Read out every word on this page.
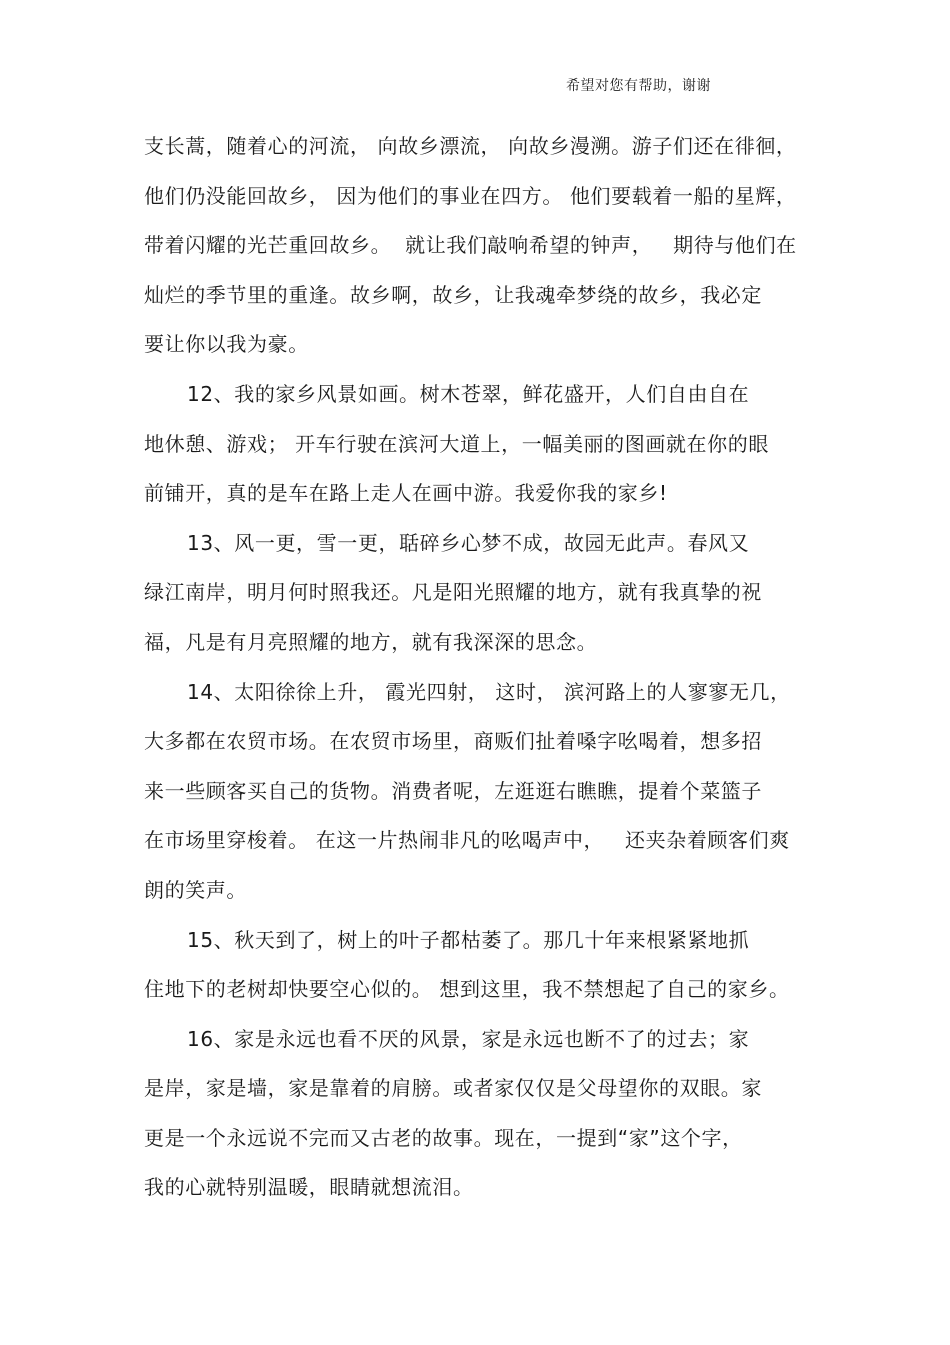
希望对您有帮助，谢谢
支长蒿，随着心的河流， 向故乡漂流， 向故乡漫溯。游子们还在徘徊，
他们仍没能回故乡， 因为他们的事业在四方。 他们要载着一船的星辉，
带着闪耀的光芒重回故乡。  就让我们敲响希望的钟声，   期待与他们在
灿烂的季节里的重逢。故乡啊，故乡，让我魂牵梦绕的故乡，我必定
要让你以我为豪。
12、我的家乡风景如画。树木苍翠，鲜花盛开，人们自由自在
地休憩、游戏； 开车行驶在滨河大道上，一幅美丽的图画就在你的眼
前铺开，真的是车在路上走人在画中游。我爱你我的家乡!
13、风一更，雪一更，聒碎乡心梦不成，故园无此声。春风又
绿江南岸，明月何时照我还。凡是阳光照耀的地方，就有我真挚的祝
福，凡是有月亮照耀的地方，就有我深深的思念。
14、太阳徐徐上升， 霞光四射， 这时， 滨河路上的人寥寥无几，
大多都在农贸市场。在农贸市场里，商贩们扯着嗓字吆喝着，想多招
来一些顾客买自己的货物。消费者呢，左逛逛右瞧瞧，提着个菜篮子
在市场里穿梭着。 在这一片热闹非凡的吆喝声中，   还夹杂着顾客们爽
朗的笑声。
15、秋天到了，树上的叶子都枯萎了。那几十年来根紧紧地抓
住地下的老树却快要空心似的。 想到这里，我不禁想起了自己的家乡。
16、家是永远也看不厌的风景，家是永远也断不了的过去；家
是岸，家是墙，家是靠着的肩膀。或者家仅仅是父母望你的双眼。家
更是一个永远说不完而又古老的故事。现在，一提到“家”这个字，
我的心就特别温暖，眼睛就想流泪。
